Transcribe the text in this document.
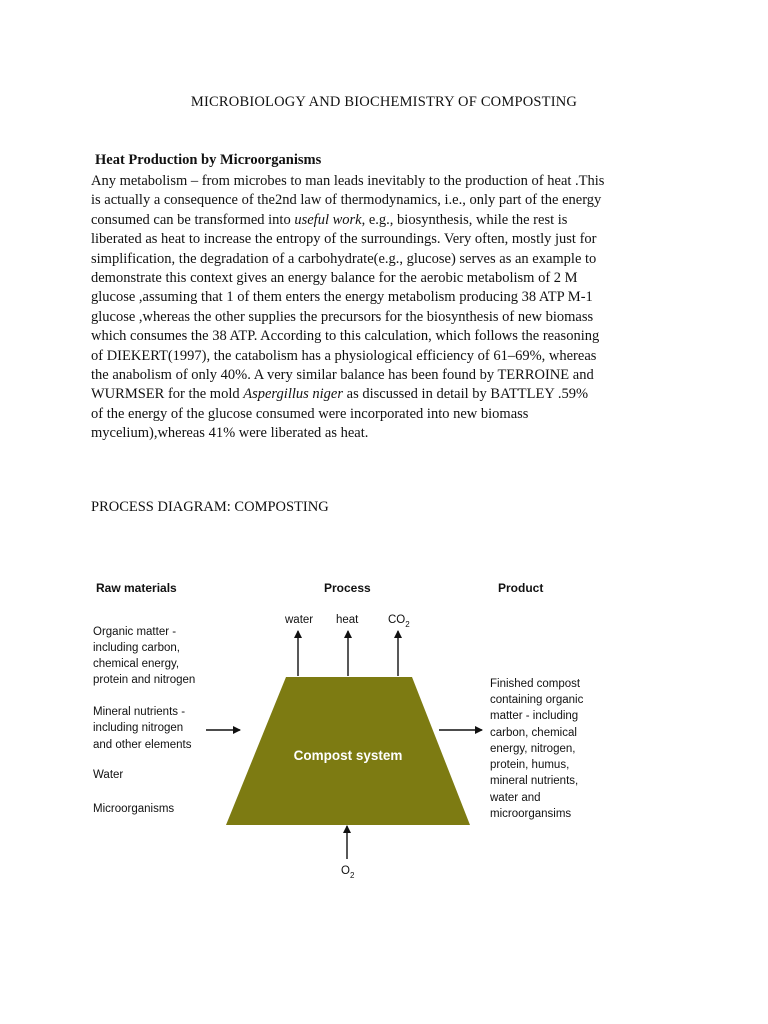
MICROBIOLOGY AND BIOCHEMISTRY OF COMPOSTING
Heat Production by Microorganisms
Any metabolism – from microbes to man leads inevitably to the production of heat .This
is actually a consequence of the2nd law of thermodynamics, i.e., only part of the energy
consumed can be transformed into useful work, e.g., biosynthesis, while the rest is
liberated as heat to increase the entropy of the surroundings. Very often, mostly just for
simplification, the degradation of a carbohydrate(e.g., glucose) serves as an example to
demonstrate this context gives an energy balance for the aerobic metabolism of 2 M
glucose ,assuming that 1 of them enters the energy metabolism producing 38 ATP M-1
glucose ,whereas the other supplies the precursors for the biosynthesis of new biomass
which consumes the 38 ATP. According to this calculation, which follows the reasoning
of DIEKERT(1997), the catabolism has a physiological efficiency of 61–69%, whereas
the anabolism of only 40%. A very similar balance has been found by TERROINE and
WURMSER for the mold Aspergillus niger as discussed in detail by BATTLEY .59%
of the energy of the glucose consumed were incorporated into new biomass
mycelium),whereas 41% were liberated as heat.
PROCESS DIAGRAM: COMPOSTING
Raw materials	Process	Product
Organic matter -
including carbon,
chemical energy,
protein and nitrogen
Mineral nutrients -
including nitrogen
and other elements
Water
Microorganisms
water heat	$CO_2$
Compost system
Finished compost
containing organic
matter - including
carbon, chemical
energy, nitrogen,
protein, humus,
mineral nutrients,
water and
microorgansims
$O_2$
